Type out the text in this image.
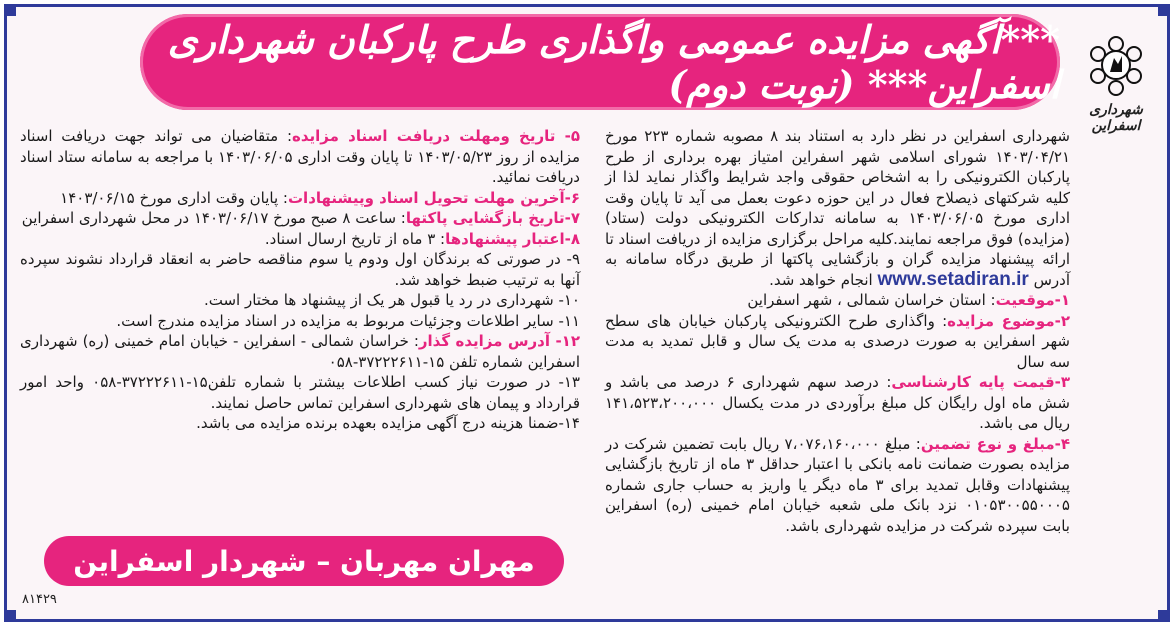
***آگهی مزایده عمومی واگذاری طرح پارکبان شهرداری اسفراین*** (نوبت دوم)
شهرداری اسفراین

شهرداری اسفراین در نظر دارد به استناد بند ۸ مصوبه شماره ۲۲۳ مورخ ۱۴۰۳/۰۴/۲۱ شورای اسلامی شهر اسفراین امتیاز بهره برداری از طرح پارکبان الکترونیکی را به اشخاص حقوقی واجد شرایط واگذار نماید لذا از کلیه شرکتهای ذیصلاح فعال در این حوزه دعوت بعمل می آید تا پایان وقت اداری مورخ ۱۴۰۳/۰۶/۰۵ به سامانه تدارکات الکترونیکی دولت (ستاد) (مزایده) فوق مراجعه نمایند.کلیه مراحل برگزاری مزایده از دریافت اسناد تا ارائه پیشنهاد مزایده گران و بازگشایی پاکتها از طریق درگاه سامانه به آدرس www.setadiran.ir انجام خواهد شد.

۱-موقعیت: استان خراسان شمالی ، شهر اسفراین

۲-موضوع مزایده: واگذاری طرح الکترونیکی پارکبان خیابان های سطح شهر اسفراین به صورت درصدی به مدت یک سال و قابل تمدید به مدت سه سال

۳-قیمت پایه کارشناسی: درصد سهم شهرداری ۶ درصد می باشد و شش ماه اول رایگان کل مبلغ برآوردی در مدت یکسال ۱۴۱،۵۲۳،۲۰۰،۰۰۰ ریال می باشد.

۴-مبلغ و نوع تضمین: مبلغ ۷،۰۷۶،۱۶۰،۰۰۰ ریال بابت تضمین شرکت در مزایده بصورت ضمانت نامه بانکی با اعتبار حداقل ۳ ماه از تاریخ بازگشایی پیشنهادات وقابل تمدید برای ۳ ماه دیگر یا واریز به حساب جاری شماره ۰۱۰۵۳۰۰۵۵۰۰۰۵ نزد بانک ملی شعبه خیابان امام خمینی (ره) اسفراین بابت سپرده شرکت در مزایده شهرداری باشد.

۵- تاریخ ومهلت دریافت اسناد مزایده: متقاضیان می تواند جهت دریافت اسناد مزایده از روز ۱۴۰۳/۰۵/۲۳ تا پایان وقت اداری ۱۴۰۳/۰۶/۰۵ با مراجعه به سامانه ستاد اسناد دریافت نمائید.

۶-آخرین مهلت تحویل اسناد وپیشنهادات: پایان وقت اداری مورخ ۱۴۰۳/۰۶/۱۵

۷-تاریخ بازگشایی پاکتها: ساعت ۸ صبح مورخ ۱۴۰۳/۰۶/۱۷ در محل شهرداری اسفراین

۸-اعتبار پیشنهادها: ۳ ماه از تاریخ ارسال اسناد.

۹- در صورتی که برندگان اول ودوم یا سوم مناقصه حاضر به انعقاد قرارداد نشوند سپرده آنها به ترتیب ضبط خواهد شد.

۱۰- شهرداری در رد یا قبول هر یک از پیشنهاد ها مختار است.

۱۱- سایر اطلاعات وجزئیات مربوط به مزایده در اسناد مزایده مندرج است.

۱۲- آدرس مزایده گذار: خراسان شمالی - اسفراین - خیابان امام خمینی (ره) شهرداری اسفراین شماره تلفن ۱۵-۳۷۲۲۲۶۱۱-۰۵۸

۱۳- در صورت نیاز کسب اطلاعات بیشتر با شماره تلفن۱۵-۳۷۲۲۲۶۱۱-۰۵۸ واحد امور قرارداد و پیمان های شهرداری اسفراین تماس حاصل نمایند.

۱۴-ضمنا هزینه درج آگهی مزایده بعهده برنده مزایده می باشد.

مهران مهربان – شهردار اسفراین
۸۱۴۲۹
